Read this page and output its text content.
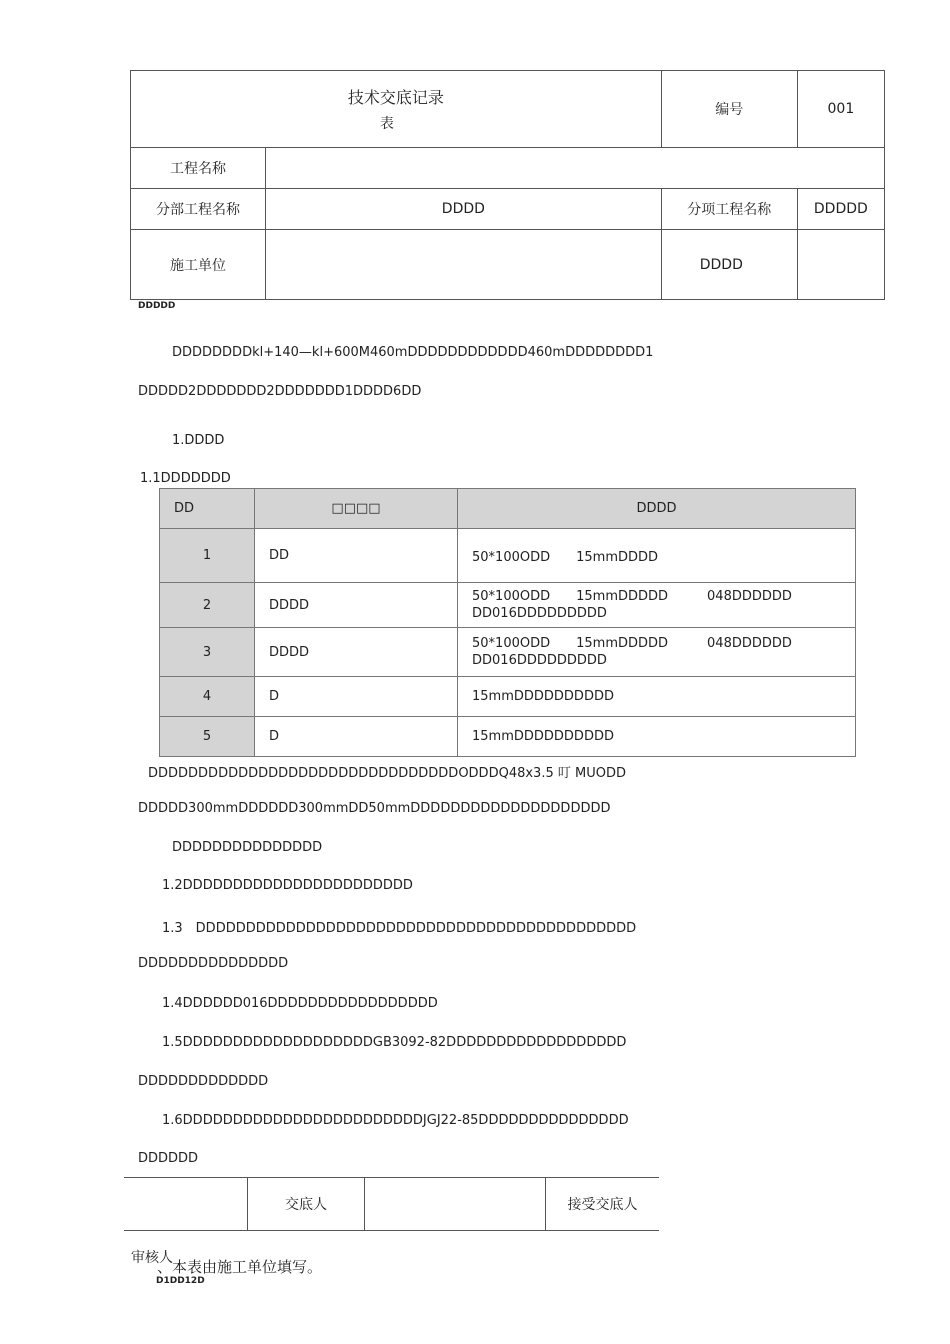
技术交底记录
表		编号	001
工程名称			
分部工程名称	DDDD	分项工程名称	DDDDD
施工单位		DDDD	
DDDDD
DDDDDDDDkl+140—kl+600M460mDDDDDDDDDDDD460mDDDDDDDD1
DDDDD2DDDDDDD2DDDDDDD1DDDD6DD
1.DDDD
1.1DDDDDDD
DD	□□□□	DDDD
1	DD	50*100ODD　　15mmDDDD
2	DDDD	50*100ODD　　15mmDDDDD　　　048DDDDDD
DD016DDDDDDDDD

3	DDDD	50*100ODD　　15mmDDDDD　　　048DDDDDD
DD016DDDDDDDDD

4	D	15mmDDDDDDDDDD
5	D	15mmDDDDDDDDDD
DDDDDDDDDDDDDDDDDDDDDDDDDDDDDDDODDDQ48x3.5 叮 MUODD
DDDDD300mmDDDDDD300mmDD50mmDDDDDDDDDDDDDDDDDDDD
DDDDDDDDDDDDDDD
1.2DDDDDDDDDDDDDDDDDDDDDDD
1.3　DDDDDDDDDDDDDDDDDDDDDDDDDDDDDDDDDDDDDDDDDDDD
DDDDDDDDDDDDDDD
1.4DDDDDD016DDDDDDDDDDDDDDDDD
1.5DDDDDDDDDDDDDDDDDDDGB3092-82DDDDDDDDDDDDDDDDDD
DDDDDDDDDDDDD
1.6DDDDDDDDDDDDDDDDDDDDDDDDJGJ22-85DDDDDDDDDDDDDDD
DDDDDD
	交底人		接受交底人
审核人
、本表由施工单位填写。
D1DD12D
